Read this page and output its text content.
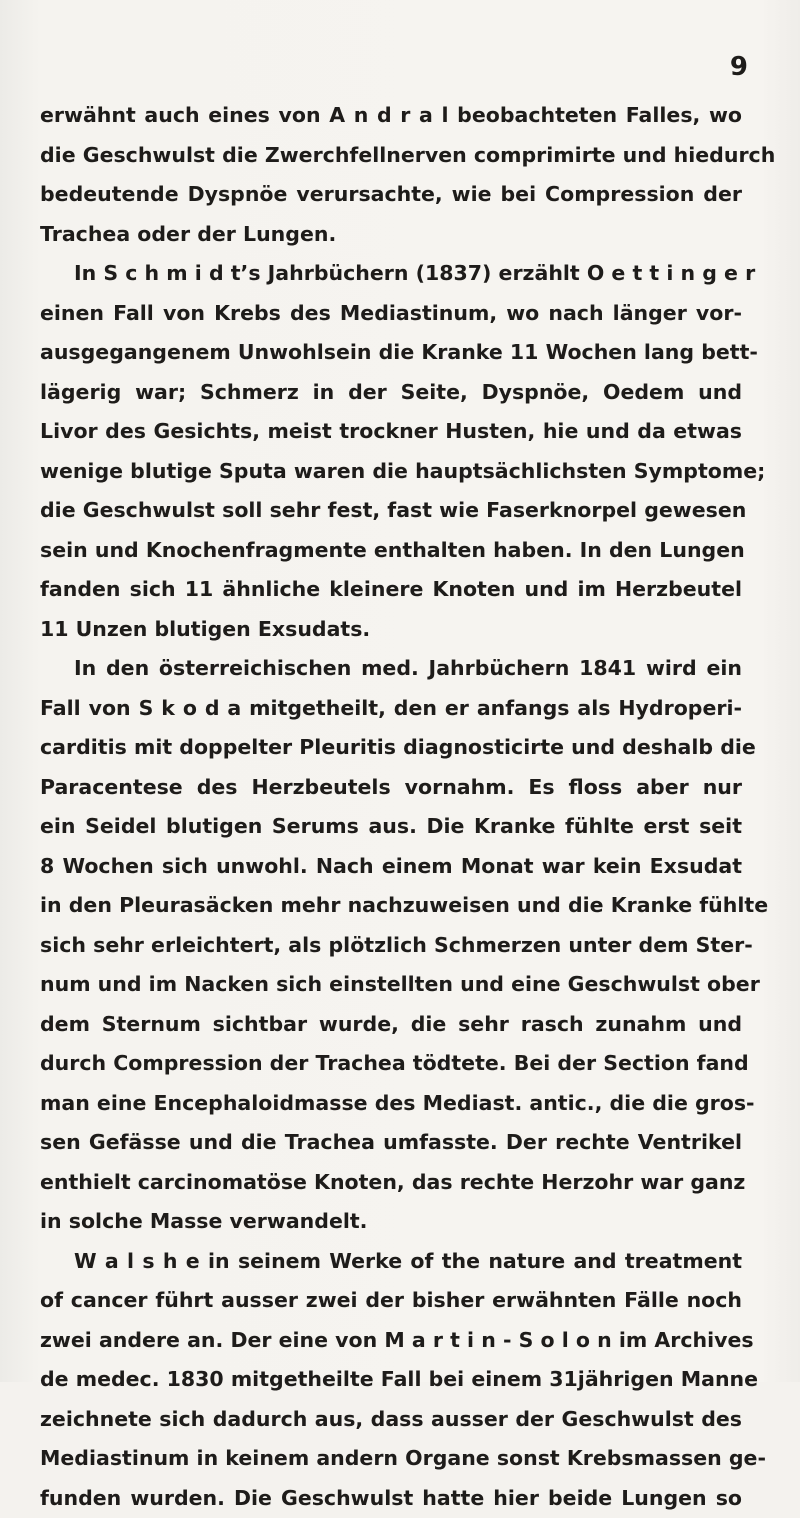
9
erwähnt auch eines von A n d r a l beobachteten Falles, wo
die Geschwulst die Zwerchfellnerven comprimirte und hiedurch
bedeutende Dyspnöe verursachte, wie bei Compression der
Trachea oder der Lungen.
In S c h m i d t’s Jahrbüchern (1837) erzählt O e t t i n g e r
einen Fall von Krebs des Mediastinum, wo nach länger vor-
ausgegangenem Unwohlsein die Kranke 11 Wochen lang bett-
lägerig war; Schmerz in der Seite, Dyspnöe, Oedem und
Livor des Gesichts, meist trockner Husten, hie und da etwas
wenige blutige Sputa waren die hauptsächlichsten Symptome;
die Geschwulst soll sehr fest, fast wie Faserknorpel gewesen
sein und Knochenfragmente enthalten haben. In den Lungen
fanden sich 11 ähnliche kleinere Knoten und im Herzbeutel
11 Unzen blutigen Exsudats.
In den österreichischen med. Jahrbüchern 1841 wird ein
Fall von S k o d a mitgetheilt, den er anfangs als Hydroperi-
carditis mit doppelter Pleuritis diagnosticirte und deshalb die
Paracentese des Herzbeutels vornahm. Es floss aber nur
ein Seidel blutigen Serums aus. Die Kranke fühlte erst seit
8 Wochen sich unwohl. Nach einem Monat war kein Exsudat
in den Pleurasäcken mehr nachzuweisen und die Kranke fühlte
sich sehr erleichtert, als plötzlich Schmerzen unter dem Ster-
num und im Nacken sich einstellten und eine Geschwulst ober
dem Sternum sichtbar wurde, die sehr rasch zunahm und
durch Compression der Trachea tödtete. Bei der Section fand
man eine Encephaloidmasse des Mediast. antic., die die gros-
sen Gefässe und die Trachea umfasste. Der rechte Ventrikel
enthielt carcinomatöse Knoten, das rechte Herzohr war ganz
in solche Masse verwandelt.
W a l s h e in seinem Werke of the nature and treatment
of cancer führt ausser zwei der bisher erwähnten Fälle noch
zwei andere an. Der eine von M a r t i n - S o l o n im Archives
de medec. 1830 mitgetheilte Fall bei einem 31jährigen Manne
zeichnete sich dadurch aus, dass ausser der Geschwulst des
Mediastinum in keinem andern Organe sonst Krebsmassen ge-
funden wurden. Die Geschwulst hatte hier beide Lungen so
